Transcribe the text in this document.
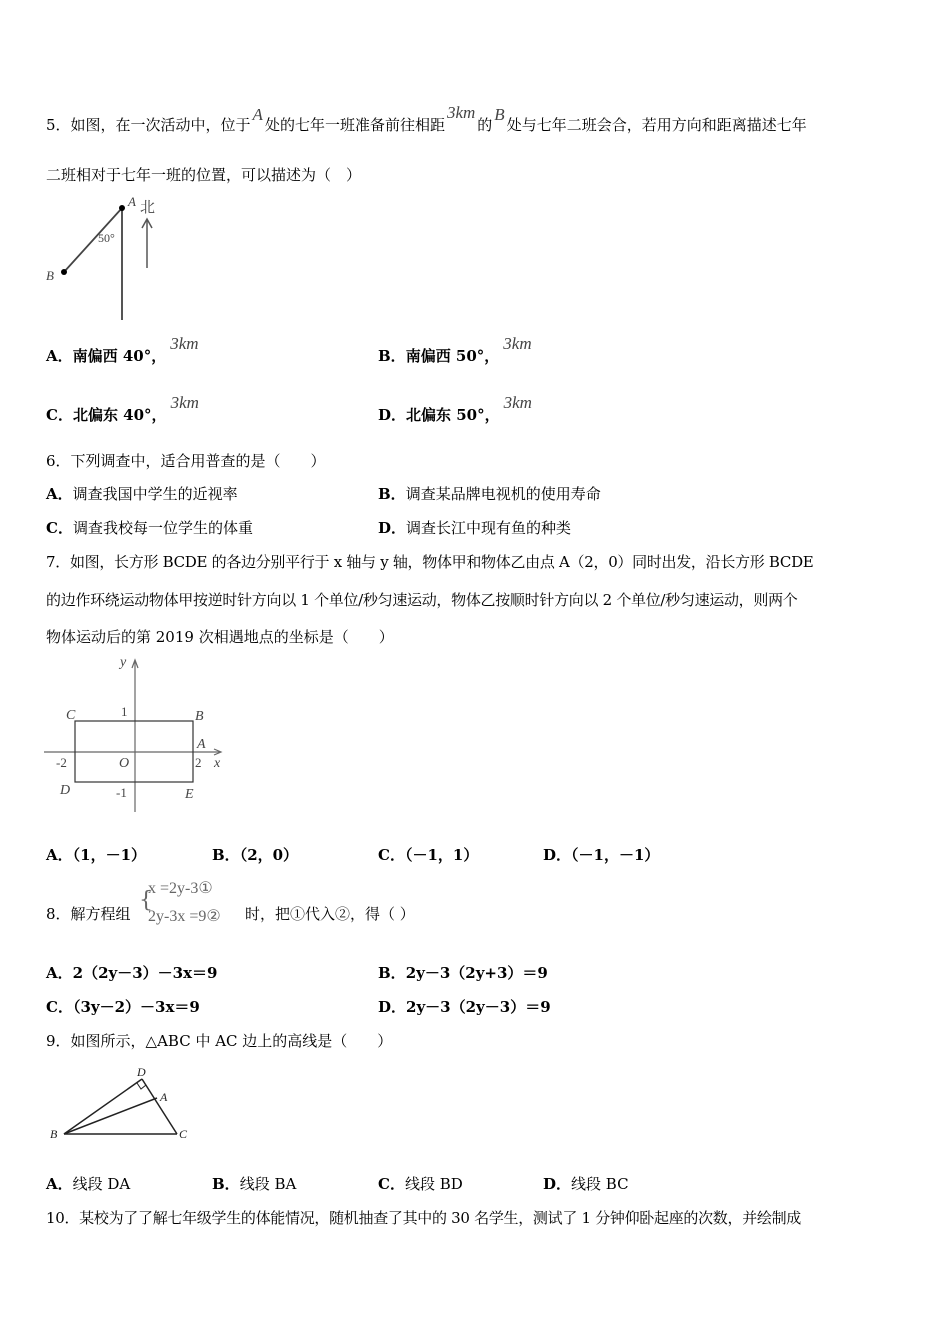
5．如图，在一次活动中，位于A处的七年一班准备前往相距3km的B处与七年二班会合，若用方向和距离描述七年
二班相对于七年一班的位置，可以描述为（　）
A
B
50°
北
A．南偏西 40°，3km
B．南偏西 50°，3km
C．北偏东 40°，3km
D．北偏东 50°，3km
6．下列调查中，适合用普查的是（　　）
A．调查我国中学生的近视率	B．调查某品牌电视机的使用寿命
C．调查我校每一位学生的体重	D．调查长江中现有鱼的种类
7．如图，长方形 BCDE 的各边分别平行于 x 轴与 y 轴，物体甲和物体乙由点 A（2，0）同时出发，沿长方形 BCDE
的边作环绕运动物体甲按逆时针方向以 1 个单位/秒匀速运动，物体乙按顺时针方向以 2 个单位/秒匀速运动，则两个
物体运动后的第 2019 次相遇地点的坐标是（　　）
y
x
C	B
A
D	E
O
1
-1
-2	2
A．（1，－1）	B．（2，0）	C．（－1，1）	D．（－1，－1）
8．解方程组
{
x =2y-3①
2y-3x =9② 时，把①代入②，得（ ）
A．2（2y－3）－3x＝9	B．2y－3（2y+3）＝9
C．（3y－2）－3x＝9	D．2y－3（2y－3）＝9
9．如图所示，△ABC 中 AC 边上的高线是（　　）
D
A
B	C
A．线段 DA	B．线段 BA	C．线段 BD	D．线段 BC
10．某校为了了解七年级学生的体能情况，随机抽查了其中的 30 名学生，测试了 1 分钟仰卧起座的次数，并绘制成
